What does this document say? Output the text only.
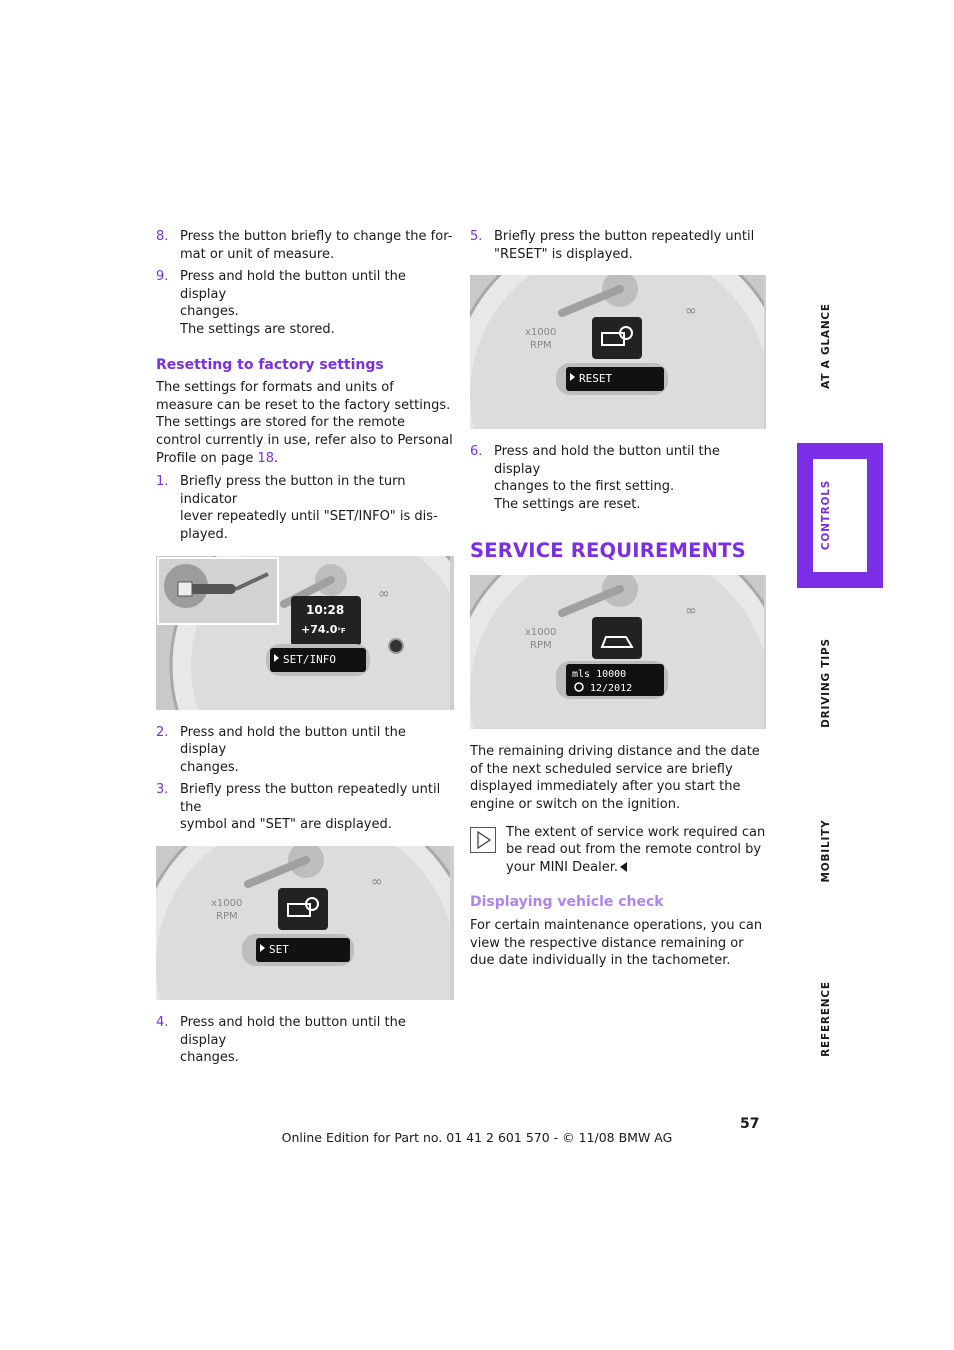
8. Press the button briefly to change the for-
mat or unit of measure.
9. Press and hold the button until the display
changes.
The settings are stored.
Resetting to factory settings

The settings for formats and units of measure can be reset to the factory settings. The settings are stored for the remote control currently in use, refer also to Personal Profile on page 18.

1. Briefly press the button in the turn indicator
lever repeatedly until "SET/INFO" is dis-
played.
∞
10:28
+74.0°F
SET/INFO
2. Press and hold the button until the display
changes.
3. Briefly press the button repeatedly until the
symbol and "SET" are displayed.
∞
x1000
RPM
SET
4. Press and hold the button until the display
changes.
5. Briefly press the button repeatedly until
"RESET" is displayed.
∞
x1000
RPM
RESET
6. Press and hold the button until the display
changes to the first setting.
The settings are reset.
SERVICE REQUIREMENTS
∞
x1000
RPM
mls 10000
12/2012

The remaining driving distance and the date of the next scheduled service are briefly displayed immediately after you start the engine or switch on the ignition.

The extent of service work required can be read out from the remote control by your MINI Dealer.
Displaying vehicle check

For certain maintenance operations, you can view the respective distance remaining or due date individually in the tachometer.

AT A GLANCE
CONTROLS
DRIVING TIPS
MOBILITY
REFERENCE
57
Online Edition for Part no. 01 41 2 601 570 - © 11/08 BMW AG
